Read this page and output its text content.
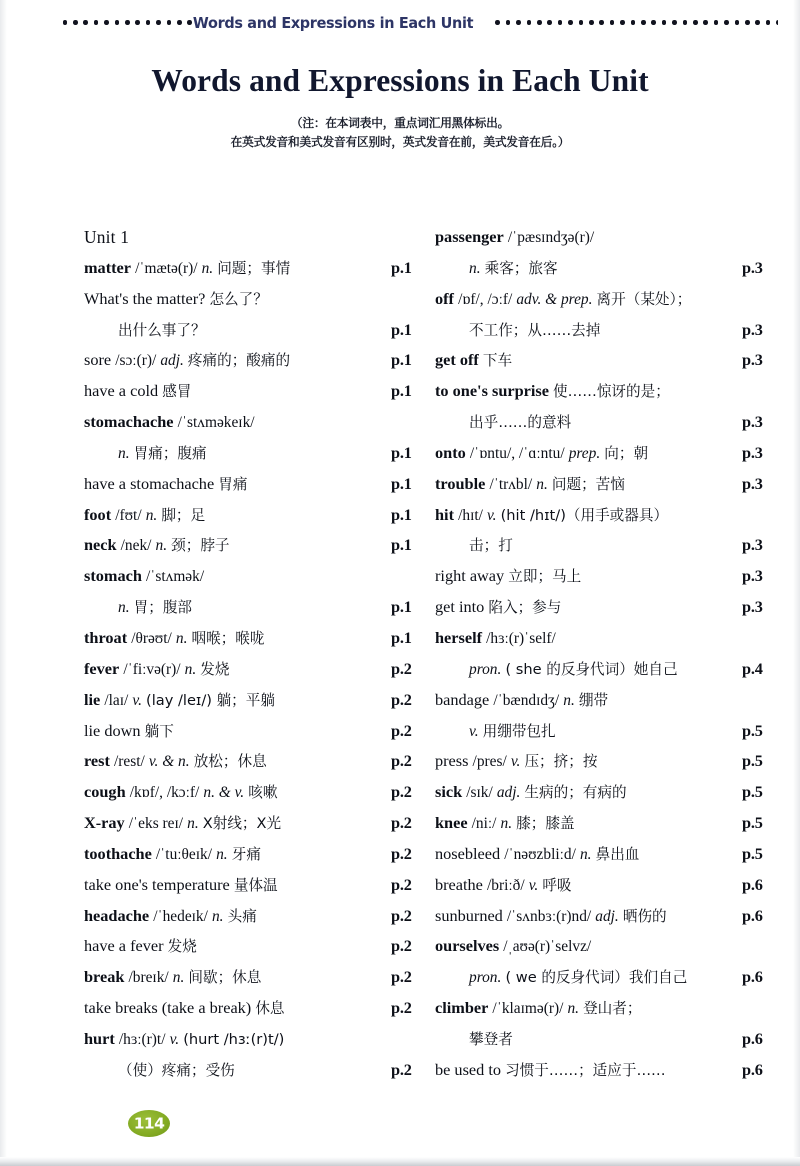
Words and Expressions in Each Unit
Words and Expressions in Each Unit
（注：在本词表中，重点词汇用黑体标出。
在英式发音和美式发音有区别时，英式发音在前，美式发音在后。）
Unit 1
matter /ˈmætə(r)/ n. 问题；事情	p.1
What's the matter? 怎么了？
出什么事了？	p.1
sore /sɔː(r)/ adj. 疼痛的；酸痛的	p.1
have a cold 感冒	p.1
stomachache /ˈstʌməkeɪk/
n. 胃痛；腹痛	p.1
have a stomachache 胃痛	p.1
foot /fʊt/ n. 脚；足	p.1
neck /nek/ n. 颈；脖子	p.1
stomach /ˈstʌmək/
n. 胃；腹部	p.1
throat /θrəʊt/ n. 咽喉；喉咙	p.1
fever /ˈfiːvə(r)/ n. 发烧	p.2
lie /laɪ/ v. (lay /leɪ/) 躺；平躺	p.2
lie down 躺下	p.2
rest /rest/ v. & n. 放松；休息	p.2
cough /kɒf/, /kɔːf/ n. & v. 咳嗽	p.2
X-ray /ˈeks reɪ/ n. X射线；X光	p.2
toothache /ˈtuːθeɪk/ n. 牙痛	p.2
take one's temperature 量体温	p.2
headache /ˈhedeɪk/ n. 头痛	p.2
have a fever 发烧	p.2
break /breɪk/ n. 间歇；休息	p.2
take breaks (take a break) 休息	p.2
hurt /hɜː(r)t/ v. (hurt /hɜː(r)t/)
（使）疼痛；受伤	p.2
passenger /ˈpæsɪndʒə(r)/
n. 乘客；旅客	p.3
off /ɒf/, /ɔːf/ adv. & prep. 离开（某处）；
不工作；从……去掉	p.3
get off 下车	p.3
to one's surprise 使……惊讶的是；
出乎……的意料	p.3
onto /ˈɒntu/, /ˈɑːntu/ prep. 向；朝	p.3
trouble /ˈtrʌbl/ n. 问题；苦恼	p.3
hit /hɪt/ v. (hit /hɪt/)（用手或器具）
击；打	p.3
right away 立即；马上	p.3
get into 陷入；参与	p.3
herself /hɜː(r)ˈself/
pron. ( she 的反身代词）她自己	p.4
bandage /ˈbændɪdʒ/ n. 绷带
v. 用绷带包扎	p.5
press /pres/ v. 压；挤；按	p.5
sick /sɪk/ adj. 生病的；有病的	p.5
knee /niː/ n. 膝；膝盖	p.5
nosebleed /ˈnəʊzbliːd/ n. 鼻出血	p.5
breathe /briːð/ v. 呼吸	p.6
sunburned /ˈsʌnbɜː(r)nd/ adj. 晒伤的	p.6
ourselves /ˌaʊə(r)ˈselvz/
pron. ( we 的反身代词）我们自己	p.6
climber /ˈklaɪmə(r)/ n. 登山者；
攀登者	p.6
be used to 习惯于……；适应于……	p.6
114
